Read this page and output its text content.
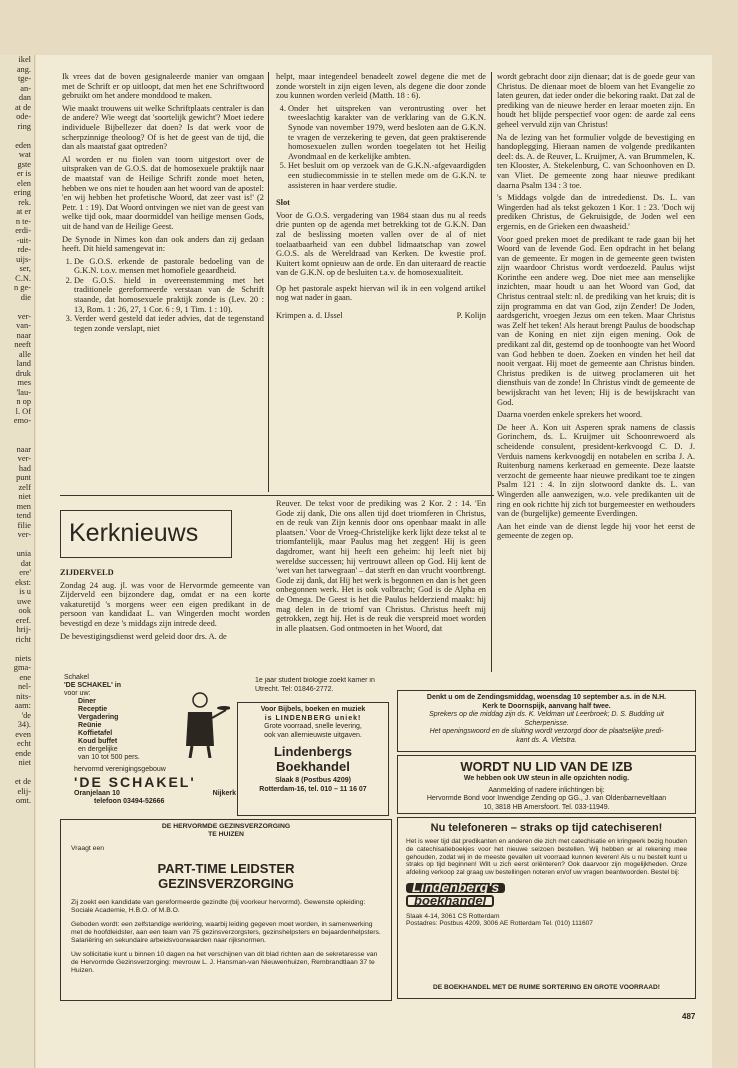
ikel
ang.
tge-
an-
dan
at de
ode-
ring

eden
wat
gste
er is
elen
ering
rek.
at er
n te-
erdi-
-uit-
rde-
uijs-
ser,
C.N.
n ge-
die

ver-
van-
naar
neeft
alle
land
druk
mes
'lau-
n op
l. Of
emo-

naar
ver-
had
punt
zelf
niet
men
tend
filie
ver-

unia
dat
ere'
ekst:
is u
uwe
ook
eref.
hrij-
richt

niets
gma-
ene
nel-
nits-
aam:
'de
34).
even
echt
ende
niet

et de
elij-
omt.

Ik vrees dat de boven gesignaleerde manier van omgaan met de Schrift er op uitloopt, dat men het ene Schriftwoord gebruikt om het andere monddood te maken.

Wie maakt trouwens uit welke Schriftplaats centraler is dan de andere? Wie weegt dat 'soortelijk gewicht'? Moet iedere individuele Bijbellezer dat doen? Is dat werk voor de scherpzinnige theoloog? Of is het de geest van de tijd, die dan als maatstaf gaat optreden?

Al worden er nu fiolen van toorn uitgestort over de uitspraken van de G.O.S. dat de homosexuele praktijk naar de maatstaf van de Heilige Schrift zonde moet heten, hebben we ons niet te houden aan het woord van de apostel: 'en wij hebben het profetische Woord, dat zeer vast is!' (2 Petr. 1 : 19). Dat Woord ontvingen we niet van de geest van welke tijd ook, maar doormiddel van heilige mensen Gods, uit de hand van de Heilige Geest.

De Synode in Nimes kon dan ook anders dan zij gedaan heeft. Dit hield samengevat in:

1. De G.O.S. erkende de pastorale bedoeling van de G.K.N. t.o.v. mensen met homofiele geaardheid.
2. De G.O.S. hield in overeenstemming met het traditionele gereformeerde verstaan van de Schrift staande, dat homosexuele praktijk zonde is (Lev. 20 : 13, Rom. 1 : 26, 27, 1 Cor. 6 : 9, 1 Tim. 1 : 10).
3. Verder werd gesteld dat ieder advies, dat de tegenstand tegen zonde verslapt, niet

helpt, maar integendeel benadeelt zowel degene die met de zonde worstelt in zijn eigen leven, als degene die door zonde zou kunnen worden verleid (Matth. 18 : 6).

4. Onder het uitspreken van verontrusting over het tweeslachtig karakter van de verklaring van de G.K.N. Synode van november 1979, werd besloten aan de G.K.N. te vragen de verzekering te geven, dat geen praktiserende homosexuelen zullen worden toegelaten tot het Heilig Avondmaal en de kerkelijke ambten.
5. Het besluit om op verzoek van de G.K.N.-afgevaardigden een studiecommissie in te stellen mede om de G.K.N. te assisteren in haar verdere studie.

Slot

Voor de G.O.S. vergadering van 1984 staan dus nu al reeds drie punten op de agenda met betrekking tot de G.K.N. Dan zal de beslissing moeten vallen over de al of niet toelaatbaarheid van een dubbel lidmaatschap van zowel G.O.S. als de Wereldraad van Kerken. De kwestie prof. Kuitert komt opnieuw aan de orde. En dan uiteraard de reactie van de G.K.N. op de besluiten t.a.v. de homosexualiteit.

Op het pastorale aspekt hiervan wil ik in een volgend artikel nog wat nader in gaan.

Krimpen a. d. IJssel	P. Kolijn

wordt gebracht door zijn dienaar; dat is de goede geur van Christus. De dienaar moet de bloem van het Evangelie zo laten geuren, dat ieder onder die bekoring raakt. Dat zal de prediking van de nieuwe herder en leraar moeten zijn. En houdt het blijde perspectief voor ogen: de aarde zal eens geheel vervuld zijn van Christus!

Na de lezing van het formulier volgde de bevestiging en handoplegging. Hieraan namen de volgende predikanten deel: ds. A. de Reuver, L. Kruijmer, A. van Brummelen, K. ten Klooster, A. Stekelenburg, C. van Schoonhoven en D. van Vliet. De gemeente zong haar nieuwe predikant daarna Psalm 134 : 3 toe.

's Middags volgde dan de intrededienst. Ds. L. van Wingerden had als tekst gekozen 1 Kor. 1 : 23. 'Doch wij prediken Christus, de Gekruisigde, de Joden wel een ergernis, en de Grieken een dwaasheid.'

Voor goed preken moet de predikant te rade gaan bij het Woord van de levende God. Een opdracht in het belang van de gemeente. Er mogen in de gemeente geen twisten zijn waardoor Christus wordt verdoezeld. Paulus wijst Korinthe een andere weg. Doe niet mee aan menselijke inzichten, maar houdt u aan het Woord van God, dat Christus centraal stelt: nl. de prediking van het kruis; dit is zijn programma en dat van God, zijn Zender! De Joden, aardsgericht, vroegen Jezus om een teken. Maar Christus was Zelf het teken! Als heraut brengt Paulus de boodschap van de Koning en niet zijn eigen mening. Ook de predikant zal dit, gestemd op de toonhoogte van het Woord van God hebben te doen. Zoeken en vinden het heil dat nooit vergaat. Hij moet de gemeente aan Christus binden. Christus prediken is de uitweg proclameren uit het diensthuis van de zonde! In Christus vindt de gemeente de bewijskracht van het leven; Hij is de bewijskracht van God.

Daarna voerden enkele sprekers het woord.

De heer A. Kon uit Asperen sprak namens de classis Gorinchem, ds. L. Kruijmer uit Schoonrewoerd als scheidende consulent, president-kerkvoogd C. D. J. Verduis namens kerkvoogdij en notabelen en scriba J. A. Ruitenburg namens kerkeraad en gemeente. Deze laatste verzocht de gemeente haar nieuwe predikant toe te zingen Psalm 121 : 4. In zijn slotwoord dankte ds. L. van Wingerden alle aanwezigen, w.o. vele predikanten uit de ring en ook richtte hij zich tot burgemeester en wethouders van de (burgelijke) gemeente Everdingen.

Aan het einde van de dienst legde hij voor het eerst de gemeente de zegen op.

Kerknieuws

ZIJDERVELD

Zondag 24 aug. jl. was voor de Hervormde gemeente van Zijderveld een bijzondere dag, omdat er na een korte vakaturetijd 's morgens weer een eigen predikant in de persoon van kandidaat L. van Wingerden mocht worden bevestigd en deze 's middags zijn intrede deed.

De bevestigingsdienst werd geleid door drs. A. de

Reuver. De tekst voor de prediking was 2 Kor. 2 : 14. 'En Gode zij dank, Die ons allen tijd doet triomferen in Christus, en de reuk van Zijn kennis door ons openbaar maakt in alle plaatsen.' Voor de Vroeg-Christelijke kerk lijkt deze tekst al te triomfantelijk, maar Paulus mag het zeggen! Hij is geen dagdromer, want hij heeft een geheim: hij leeft niet bij wereldse successen; hij vertrouwt alleen op God. Hij kent de 'wet van het tarwegraan' – dat sterft en dan vrucht voortbrengt. Gode zij dank, dat Hij het werk is begonnen en dan is het geen onbegonnen werk. Het is ook volbracht; God is de Alpha en de Omega. De Geest is het die Paulus helderziend maakt: hij mag delen in de triomf van Christus. Christus heeft mij getrokken, zegt hij. Het is de reuk die verspreid moet worden in alle plaatsen. God ontmoeten in het Woord, dat

Schakel
'DE SCHAKEL' in
voor uw:
Diner
Receptie
Vergadering
Reünie
Koffietafel
Koud buffet
en dergelijke
van 10 tot 500 pers.
hervormd verenigingsgebouw
'DE SCHAKEL'
Oranjelaan 10	Nijkerk
telefoon 03494-52666
1e jaar student biologie zoekt kamer in
Utrecht. Tel: 01846-2772.
Voor Bijbels, boeken en muziek
is LINDENBERG uniek!
Grote voorraad, snelle levering,
ook van allernieuwste uitgaven.
Lindenbergs
Boekhandel
Slaak 8 (Postbus 4209)
Rotterdam-16, tel. 010 – 11 16 07
Denkt u om de Zendingsmiddag, woensdag 10 september a.s. in de N.H.
Kerk te Doornspijk, aanvang half twee.
Sprekers op die middag zijn ds. K. Veldman uit Leerbroek; D. S. Budding uit
Scherpenisse.
Het openingswoord en de sluiting wordt verzorgd door de plaatselijke predi-
kant ds. A. Vletstra.
WORDT NU LID VAN DE IZB
We hebben ook UW steun in alle opzichten nodig.
Aanmelding of nadere inlichtingen bij:
Hervormde Bond voor Inwendige Zending op GG., J. van Oldenbarneveltlaan
10, 3818 HB Amersfoort. Tel. 033-11949.
DE HERVORMDE GEZINSVERZORGING
TE HUIZEN
Vraagt een
PART-TIME LEIDSTER
GEZINSVERZORGING

Zij zoekt een kandidate van gereformeerde gezindte (bij voorkeur hervormd). Gewenste opleiding: Sociale Academie, H.B.O. of M.B.O.

Geboden wordt: een zelfstandige werkkring, waarbij leiding gegeven moet worden, in samenwerking met de hoofdleidster, aan een team van 75 gezinsverzorgsters, gezinshelpsters en bejaardenhelpsters. Salariëring en sekundaire arbeidsvoorwaarden naar rijksnormen.

Uw sollicitatie kunt u binnen 10 dagen na het verschijnen van dit blad richten aan de sekretaresse van de Hervormde Gezinsverzorging: mevrouw L. J. Hansman-van Nieuwenhuizen, Rembrandtlaan 37 te Huizen.

Nu telefoneren – straks op tijd catechiseren!

Het is weer tijd dat predikanten en anderen die zich met catechisatie en kringwerk bezig houden de catechisatieboekjes voor het nieuwe seizoen bestellen. Wij hebben er al rekening mee gehouden, zodat wij in de meeste gevallen uit voorraad kunnen leveren! Als u nu bestelt kunt u straks op tijd beginnen! Wilt u zich eerst oriënteren? Ook daarvoor zijn mogelijkheden. Onze afdeling verkoop zal graag uw bestellingen noteren en/of uw vragen beantwoorden. Bestel bij:

Lindenberg's
boekhandel
Slaak 4-14, 3061 CS Rotterdam
Postadres: Postbus 4209, 3006 AE Rotterdam Tel. (010) 111607
DE BOEKHANDEL MET DE RUIME SORTERING EN GROTE VOORRAAD!
487
